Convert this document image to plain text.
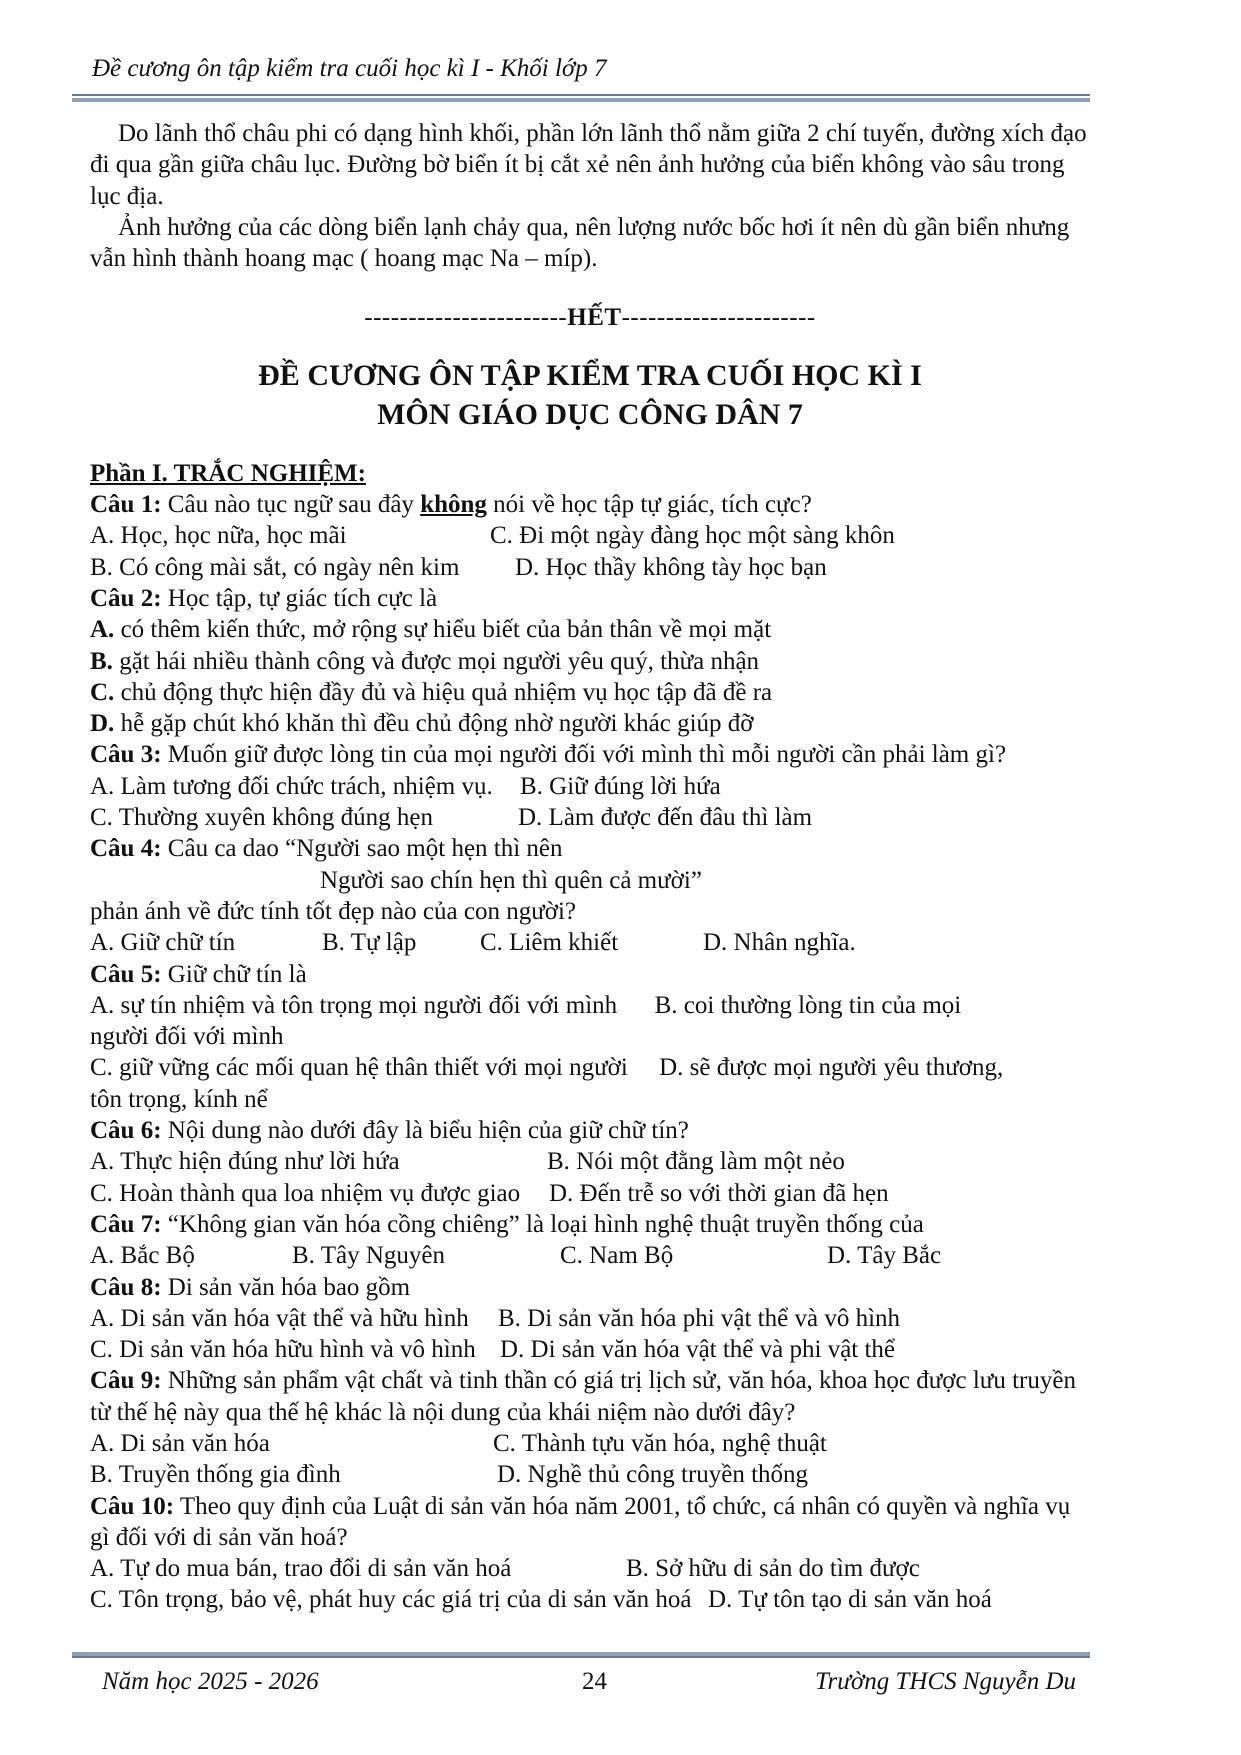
Đề cương ôn tập kiểm tra cuối học kì I - Khối lớp 7

Do lãnh thổ châu phi có dạng hình khối, phần lớn lãnh thổ nằm giữa 2 chí tuyến, đường xích đạo đi qua gần giữa châu lục. Đường bờ biển ít bị cắt xẻ nên ảnh hưởng của biển không vào sâu trong lục địa.

Ảnh hưởng của các dòng biển lạnh chảy qua, nên lượng nước bốc hơi ít nên dù gần biển nhưng vẫn hình thành hoang mạc ( hoang mạc Na – míp).

-----------------------HẾT----------------------
ĐỀ CƯƠNG ÔN TẬP KIỂM TRA CUỐI HỌC KÌ I
MÔN GIÁO DỤC CÔNG DÂN 7
Phần I. TRẮC NGHIỆM:

Câu 1: Câu nào tục ngữ sau đây không nói về học tập tự giác, tích cực?

A. Học, học nữa, học mãi	C. Đi một ngày đàng học một sàng khôn
B. Có công mài sắt, có ngày nên kim D. Học thầy không tày học bạn

Câu 2: Học tập, tự giác tích cực là

A. có thêm kiến thức, mở rộng sự hiểu biết của bản thân về mọi mặt

B. gặt hái nhiều thành công và được mọi người yêu quý, thừa nhận

C. chủ động thực hiện đầy đủ và hiệu quả nhiệm vụ học tập đã đề ra

D. hễ gặp chút khó khăn thì đều chủ động nhờ người khác giúp đỡ

Câu 3: Muốn giữ được lòng tin của mọi người đối với mình thì mỗi người cần phải làm gì?

A. Làm tương đối chức trách, nhiệm vụ. B. Giữ đúng lời hứa
C. Thường xuyên không đúng hẹn	D. Làm được đến đâu thì làm

Câu 4: Câu ca dao “Người sao một hẹn thì nên

Người sao chín hẹn thì quên cả mười”

phản ánh về đức tính tốt đẹp nào của con người?

A. Giữ chữ tín	B. Tự lập	C. Liêm khiết	D. Nhân nghĩa.

Câu 5: Giữ chữ tín là

A. sự tín nhiệm và tôn trọng mọi người đối với mình      B. coi thường lòng tin của mọi

người đối với mình

C. giữ vững các mối quan hệ thân thiết với mọi người     D. sẽ được mọi người yêu thương,

tôn trọng, kính nể

Câu 6: Nội dung nào dưới đây là biểu hiện của giữ chữ tín?

A. Thực hiện đúng như lời hứa	B. Nói một đằng làm một nẻo
C. Hoàn thành qua loa nhiệm vụ được giao D. Đến trễ so với thời gian đã hẹn

Câu 7: “Không gian văn hóa cồng chiêng” là loại hình nghệ thuật truyền thống của

A. Bắc Bộ	B. Tây Nguyên	C. Nam Bộ	D. Tây Bắc

Câu 8: Di sản văn hóa bao gồm

A. Di sản văn hóa vật thể và hữu hình B. Di sản văn hóa phi vật thể và vô hình
C. Di sản văn hóa hữu hình và vô hình D. Di sản văn hóa vật thể và phi vật thể

Câu 9: Những sản phẩm vật chất và tinh thần có giá trị lịch sử, văn hóa, khoa học được lưu truyền từ thế hệ này qua thế hệ khác là nội dung của khái niệm nào dưới đây?

A. Di sản văn hóa	C. Thành tựu văn hóa, nghệ thuật
B. Truyền thống gia đình	D. Nghề thủ công truyền thống

Câu 10: Theo quy định của Luật di sản văn hóa năm 2001, tổ chức, cá nhân có quyền và nghĩa vụ gì đối với di sản văn hoá?

A. Tự do mua bán, trao đổi di sản văn hoá	B. Sở hữu di sản do tìm được
C. Tôn trọng, bảo vệ, phát huy các giá trị của di sản văn hoá D. Tự tôn tạo di sản văn hoá
Năm học 2025 - 2026	24	Trường THCS Nguyễn Du
